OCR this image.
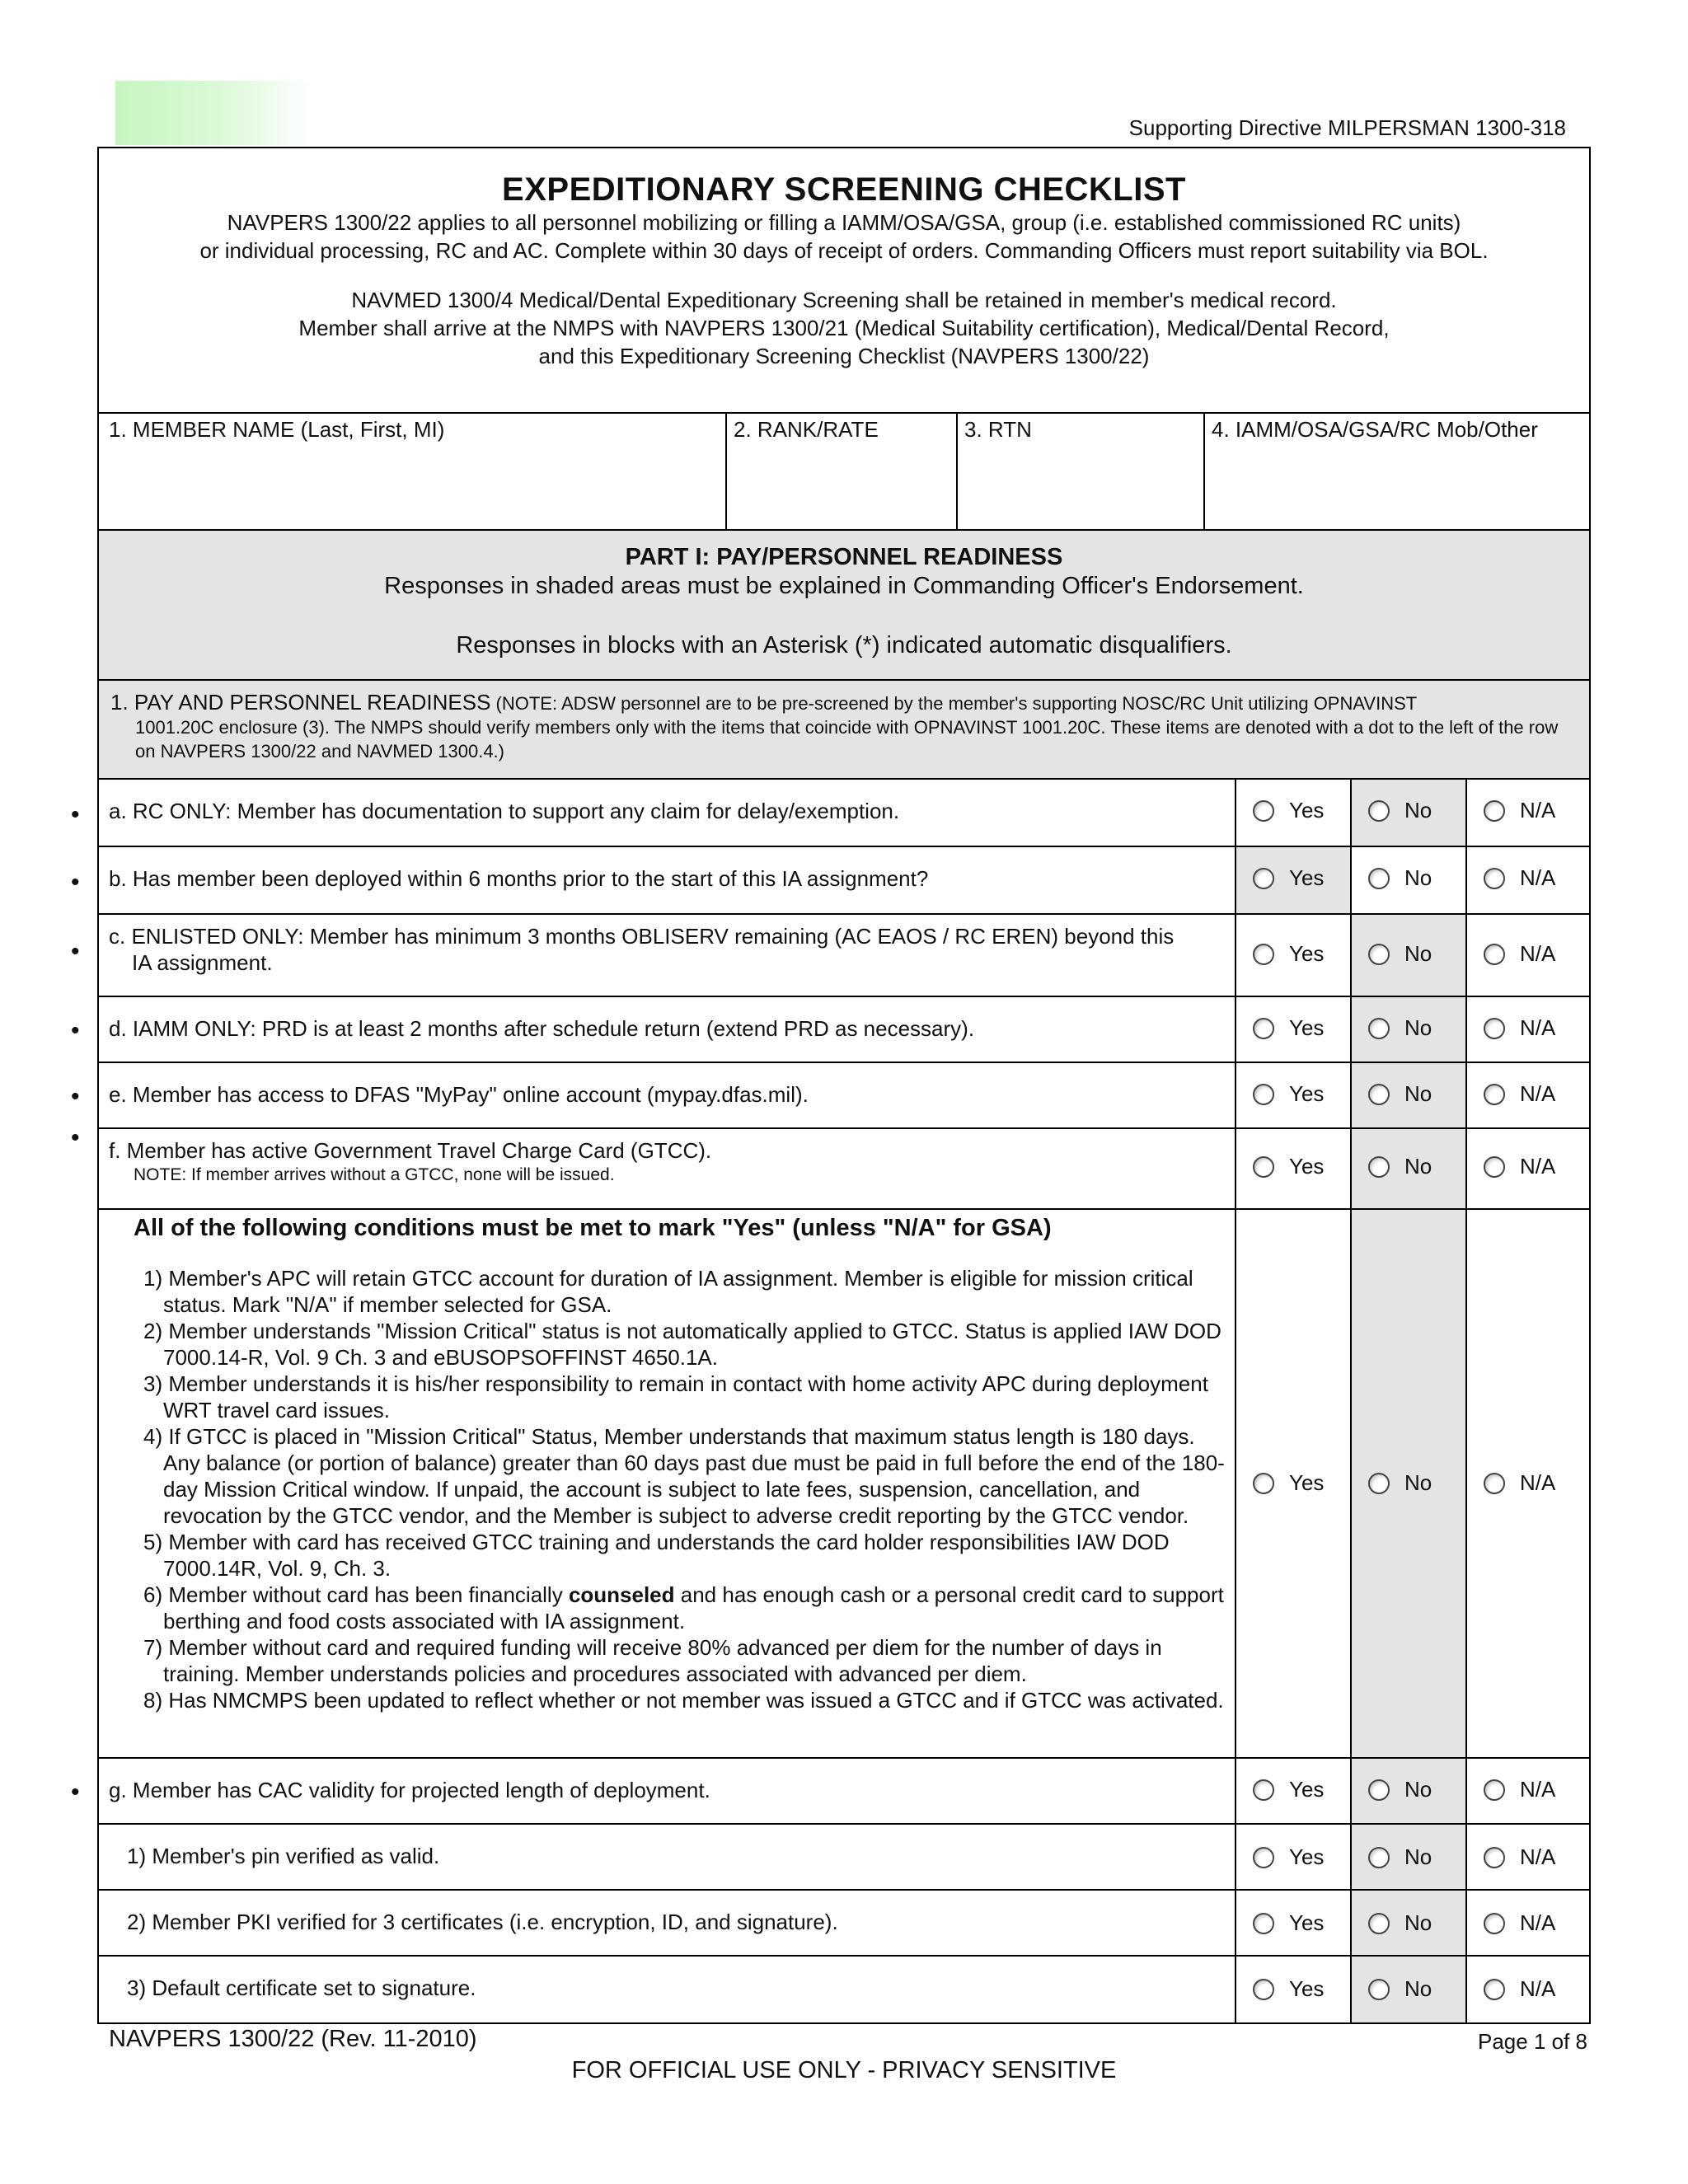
Supporting Directive MILPERSMAN 1300-318
EXPEDITIONARY SCREENING CHECKLIST
NAVPERS 1300/22 applies to all personnel mobilizing or filling a IAMM/OSA/GSA, group (i.e. established commissioned RC units)
or individual processing, RC and AC. Complete within 30 days of receipt of orders. Commanding Officers must report suitability via BOL.
NAVMED 1300/4 Medical/Dental Expeditionary Screening shall be retained in member's medical record.
Member shall arrive at the NMPS with NAVPERS 1300/21 (Medical Suitability certification), Medical/Dental Record,
and this Expeditionary Screening Checklist (NAVPERS 1300/22)
1. MEMBER NAME (Last, First, MI)	2. RANK/RATE	3. RTN	4. IAMM/OSA/GSA/RC Mob/Other
PART I: PAY/PERSONNEL READINESS
Responses in shaded areas must be explained in Commanding Officer's Endorsement.
Responses in blocks with an Asterisk (*) indicated automatic disqualifiers.
1. PAY AND PERSONNEL READINESS (NOTE: ADSW personnel are to be pre-screened by the member's supporting NOSC/RC Unit utilizing OPNAVINST
1001.20C enclosure (3). The NMPS should verify members only with the items that coincide with OPNAVINST 1001.20C. These items are denoted with a dot to the left of the row on NAVPERS 1300/22 and NAVMED 1300.4.)
• a. RC ONLY: Member has documentation to support any claim for delay/exemption.	Yes	No	N/A
• b. Has member been deployed within 6 months prior to the start of this IA assignment?	Yes	No	N/A
•
c. ENLISTED ONLY: Member has minimum 3 months OBLISERV remaining (AC EAOS / RC EREN) beyond this
IA assignment.	Yes	No	N/A
• d. IAMM ONLY: PRD is at least 2 months after schedule return (extend PRD as necessary).	Yes	No	N/A
• e. Member has access to DFAS "MyPay" online account (mypay.dfas.mil).	Yes	No	N/A
• f. Member has active Government Travel Charge Card (GTCC).
NOTE: If member arrives without a GTCC, none will be issued.	Yes	No	N/A
All of the following conditions must be met to mark "Yes" (unless "N/A" for GSA)
1) Member's APC will retain GTCC account for duration of IA assignment. Member is eligible for mission critical status. Mark "N/A" if member selected for GSA.
2) Member understands "Mission Critical" status is not automatically applied to GTCC. Status is applied IAW DOD 7000.14-R, Vol. 9 Ch. 3 and eBUSOPSOFFINST 4650.1A.
3) Member understands it is his/her responsibility to remain in contact with home activity APC during deployment WRT travel card issues.
4) If GTCC is placed in "Mission Critical" Status, Member understands that maximum status length is 180 days. Any balance (or portion of balance) greater than 60 days past due must be paid in full before the end of the 180-day Mission Critical window. If unpaid, the account is subject to late fees, suspension, cancellation, and revocation by the GTCC vendor, and the Member is subject to adverse credit reporting by the GTCC vendor.
5) Member with card has received GTCC training and understands the card holder responsibilities IAW DOD 7000.14R, Vol. 9, Ch. 3.
6) Member without card has been financially counseled and has enough cash or a personal credit card to support berthing and food costs associated with IA assignment.
7) Member without card and required funding will receive 80% advanced per diem for the number of days in training. Member understands policies and procedures associated with advanced per diem.
8) Has NMCMPS been updated to reflect whether or not member was issued a GTCC and if GTCC was activated.
Yes	No	N/A
• g. Member has CAC validity for projected length of deployment.	Yes	No	N/A
1) Member's pin verified as valid.	Yes	No	N/A
2) Member PKI verified for 3 certificates (i.e. encryption, ID, and signature).	Yes	No	N/A
3) Default certificate set to signature.	Yes	No	N/A
NAVPERS 1300/22 (Rev. 11-2010)	Page 1 of 8
FOR OFFICIAL USE ONLY - PRIVACY SENSITIVE
